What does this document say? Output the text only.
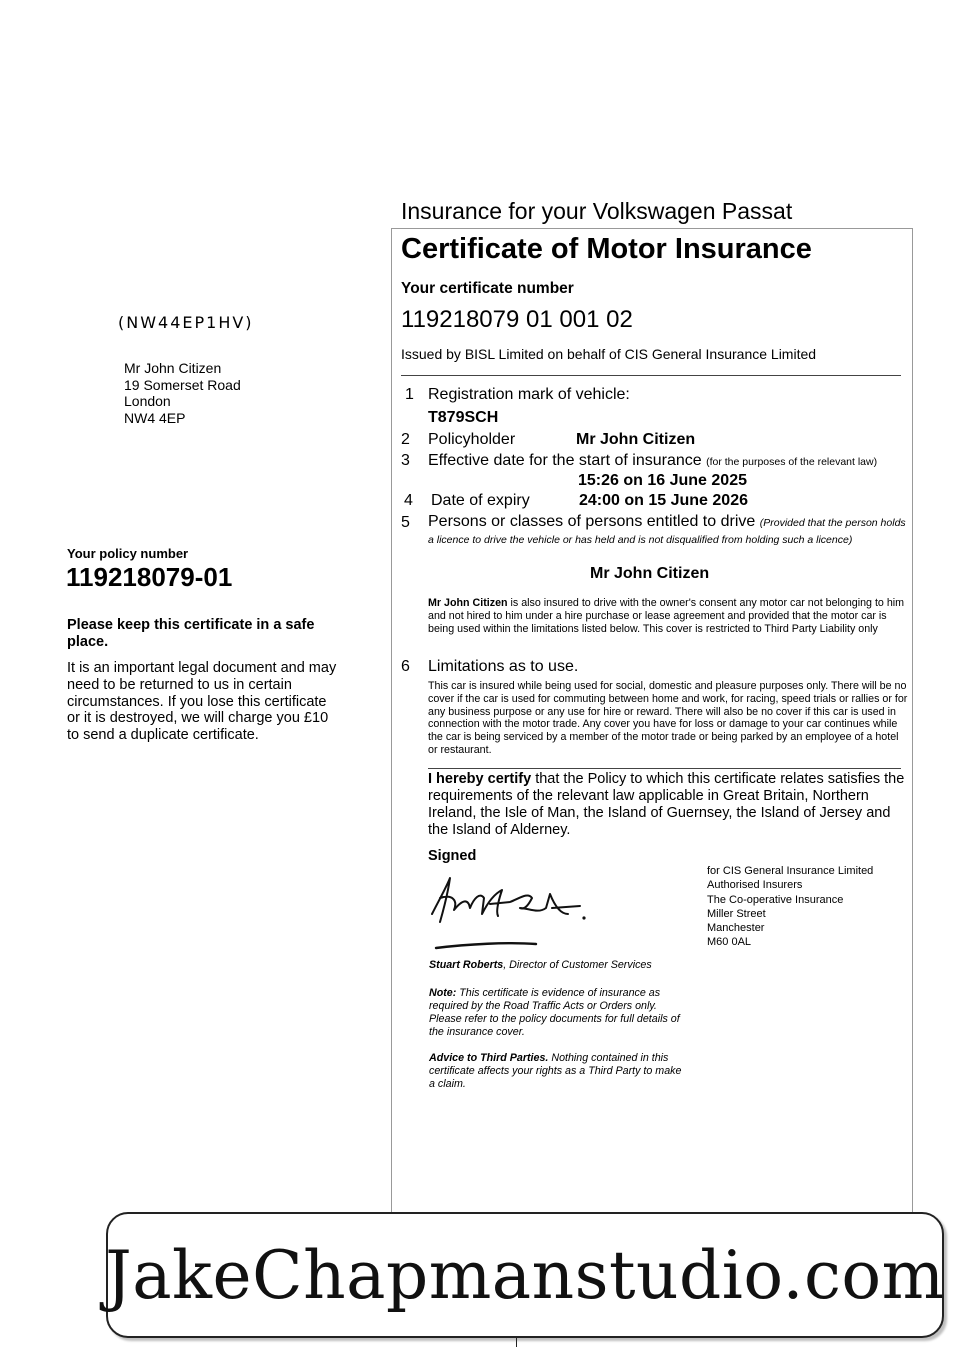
(NW44EP1HV)
Mr John Citizen
19 Somerset Road
London
NW4 4EP
Your policy number
119218079-01
Please keep this certificate in a safe place.
It is an important legal document and may need to be returned to us in certain circumstances. If you lose this certificate or it is destroyed, we will charge you £10 to send a duplicate certificate.
Insurance for your Volkswagen Passat
Certificate of Motor Insurance
Your certificate number
119218079 01 001 02
Issued by BISL Limited on behalf of CIS General Insurance Limited
1 Registration mark of vehicle:
T879SCH
2 Policyholder	Mr John Citizen
3 Effective date for the start of insurance (for the purposes of the relevant law)
15:26 on 16 June 2025
4 Date of expiry	24:00 on 15 June 2026
5 Persons or classes of persons entitled to drive (Provided that the person holds a licence to drive the vehicle or has held and is not disqualified from holding such a licence)
Mr John Citizen
Mr John Citizen is also insured to drive with the owner's consent any motor car not belonging to him and not hired to him under a hire purchase or lease agreement and provided that the motor car is being used within the limitations listed below. This cover is restricted to Third Party Liability only
6 Limitations as to use.
This car is insured while being used for social, domestic and pleasure purposes only. There will be no cover if the car is used for commuting between home and work, for racing, speed trials or rallies or for any business purpose or any use for hire or reward. There will also be no cover if this car is used in connection with the motor trade. Any cover you have for loss or damage to your car continues while the car is being serviced by a member of the motor trade or being parked by an employee of a hotel or restaurant.
I hereby certify that the Policy to which this certificate relates satisfies the requirements of the relevant law applicable in Great Britain, Northern Ireland, the Isle of Man, the Island of Guernsey, the Island of Jersey and the Island of Alderney.
Signed
Stuart Roberts, Director of Customer Services
Note: This certificate is evidence of insurance as required by the Road Traffic Acts or Orders only. Please refer to the policy documents for full details of the insurance cover.
Advice to Third Parties. Nothing contained in this certificate affects your rights as a Third Party to make a claim.
for CIS General Insurance Limited
Authorised Insurers
The Co-operative Insurance
Miller Street
Manchester
M60 0AL
JakeChapmanstudio.com
